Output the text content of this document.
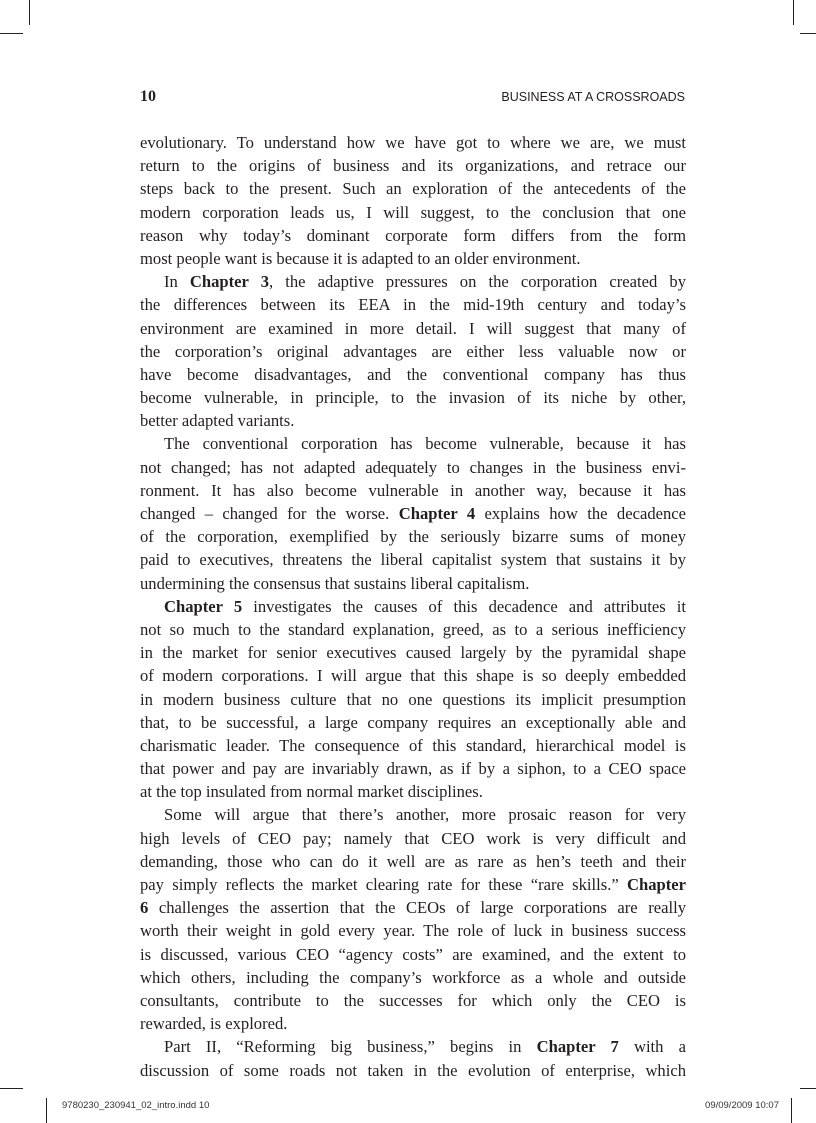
10	BUSINESS AT A CROSSROADS
evolutionary. To understand how we have got to where we are, we must
return to the origins of business and its organizations, and retrace our
steps back to the present. Such an exploration of the antecedents of the
modern corporation leads us, I will suggest, to the conclusion that one
reason why today’s dominant corporate form differs from the form
most people want is because it is adapted to an older environment.
In Chapter 3, the adaptive pressures on the corporation created by
the differences between its EEA in the mid-19th century and today’s
environment are examined in more detail. I will suggest that many of
the corporation’s original advantages are either less valuable now or
have become disadvantages, and the conventional company has thus
become vulnerable, in principle, to the invasion of its niche by other,
better adapted variants.
The conventional corporation has become vulnerable, because it has
not changed; has not adapted adequately to changes in the business envi-
ronment. It has also become vulnerable in another way, because it has
changed – changed for the worse. Chapter 4 explains how the decadence
of the corporation, exemplified by the seriously bizarre sums of money
paid to executives, threatens the liberal capitalist system that sustains it by
undermining the consensus that sustains liberal capitalism.
Chapter 5 investigates the causes of this decadence and attributes it
not so much to the standard explanation, greed, as to a serious inefficiency
in the market for senior executives caused largely by the pyramidal shape
of modern corporations. I will argue that this shape is so deeply embedded
in modern business culture that no one questions its implicit presumption
that, to be successful, a large company requires an exceptionally able and
charismatic leader. The consequence of this standard, hierarchical model is
that power and pay are invariably drawn, as if by a siphon, to a CEO space
at the top insulated from normal market disciplines.
Some will argue that there’s another, more prosaic reason for very
high levels of CEO pay; namely that CEO work is very difficult and
demanding, those who can do it well are as rare as hen’s teeth and their
pay simply reflects the market clearing rate for these “rare skills.” Chapter
6 challenges the assertion that the CEOs of large corporations are really
worth their weight in gold every year. The role of luck in business success
is discussed, various CEO “agency costs” are examined, and the extent to
which others, including the company’s workforce as a whole and outside
consultants, contribute to the successes for which only the CEO is
rewarded, is explored.
Part II, “Reforming big business,” begins in Chapter 7 with a
discussion of some roads not taken in the evolution of enterprise, which
9780230_230941_02_intro.indd 10	09/09/2009 10:07
